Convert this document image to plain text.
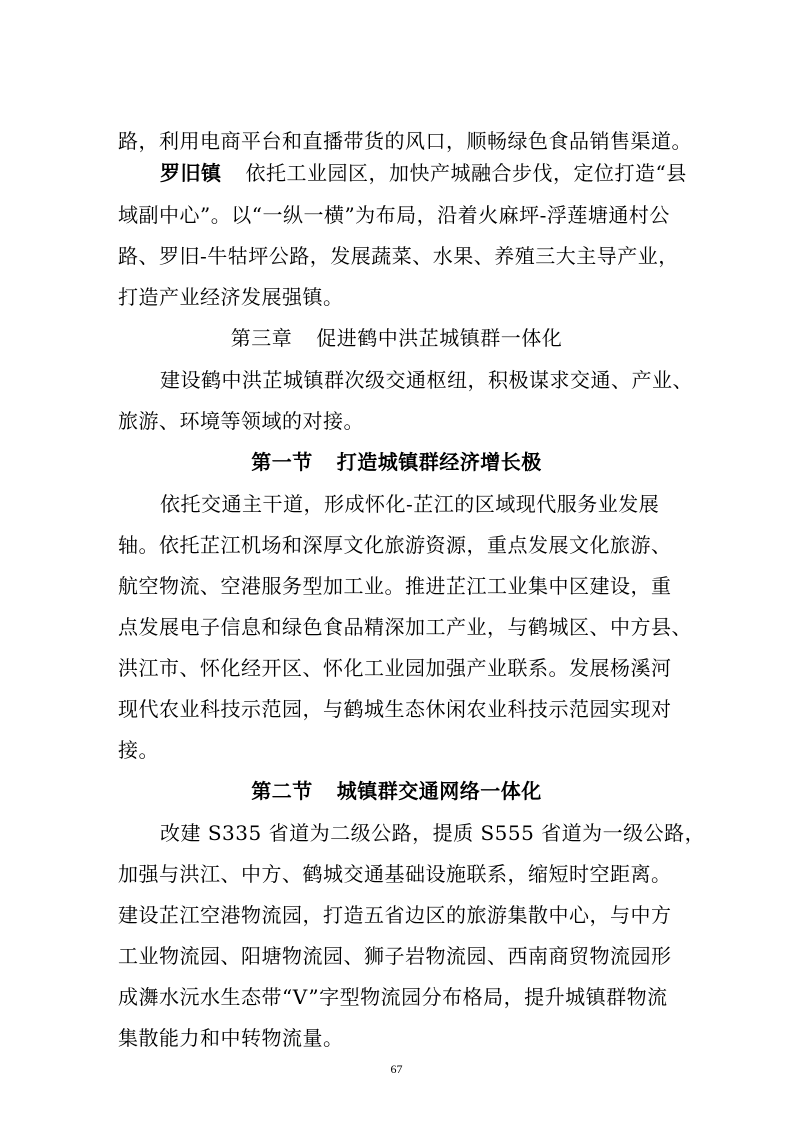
路，利用电商平台和直播带货的风口，顺畅绿色食品销售渠道。
罗旧镇 依托工业园区，加快产城融合步伐，定位打造“县
域副中心”。以“一纵一横”为布局，沿着火麻坪-浮莲塘通村公
路、罗旧-牛牯坪公路，发展蔬菜、水果、养殖三大主导产业，
打造产业经济发展强镇。
第三章 促进鹤中洪芷城镇群一体化
建设鹤中洪芷城镇群次级交通枢纽，积极谋求交通、产业、
旅游、环境等领域的对接。
第一节 打造城镇群经济增长极
依托交通主干道，形成怀化-芷江的区域现代服务业发展
轴。依托芷江机场和深厚文化旅游资源，重点发展文化旅游、
航空物流、空港服务型加工业。推进芷江工业集中区建设，重
点发展电子信息和绿色食品精深加工产业，与鹤城区、中方县、
洪江市、怀化经开区、怀化工业园加强产业联系。发展杨溪河
现代农业科技示范园，与鹤城生态休闲农业科技示范园实现对
接。
第二节 城镇群交通网络一体化
改建 S335 省道为二级公路，提质 S555 省道为一级公路，
加强与洪江、中方、鹤城交通基础设施联系，缩短时空距离。
建设芷江空港物流园，打造五省边区的旅游集散中心，与中方
工业物流园、阳塘物流园、狮子岩物流园、西南商贸物流园形
成㵲水沅水生态带“V”字型物流园分布格局，提升城镇群物流
集散能力和中转物流量。
67
